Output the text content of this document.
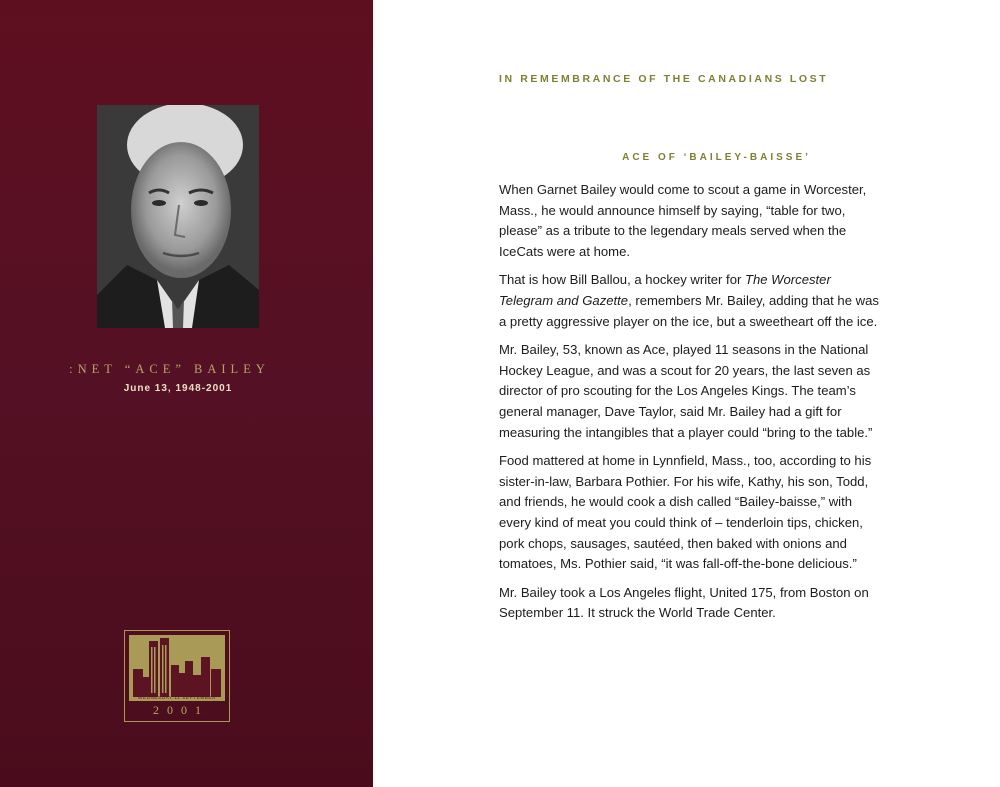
:NET “ACE” BAILEY
June 13, 1948-2001
WEDNESDAY 11 SEPTEMBER
2001
IN REMEMBRANCE OF THE CANADIANS LOST
ACE OF ‘BAILEY-BAISSE’

When Garnet Bailey would come to scout a game in Worcester, Mass., he would announce himself by saying, “table for two, please” as a tribute to the legendary meals served when the IceCats were at home.

That is how Bill Ballou, a hockey writer for The Worcester Telegram and Gazette, remembers Mr. Bailey, adding that he was a pretty aggressive player on the ice, but a sweetheart off the ice.

Mr. Bailey, 53, known as Ace, played 11 seasons in the National Hockey League, and was a scout for 20 years, the last seven as director of pro scouting for the Los Angeles Kings. The team’s general manager, Dave Taylor, said Mr. Bailey had a gift for measuring the intangibles that a player could “bring to the table.”

Food mattered at home in Lynnfield, Mass., too, according to his sister-in-law, Barbara Pothier. For his wife, Kathy, his son, Todd, and friends, he would cook a dish called “Bailey-baisse,” with every kind of meat you could think of – tenderloin tips, chicken, pork chops, sausages, sautéed, then baked with onions and tomatoes, Ms. Pothier said, “it was fall-off-the-bone delicious.”

Mr. Bailey took a Los Angeles flight, United 175, from Boston on September 11. It struck the World Trade Center.
